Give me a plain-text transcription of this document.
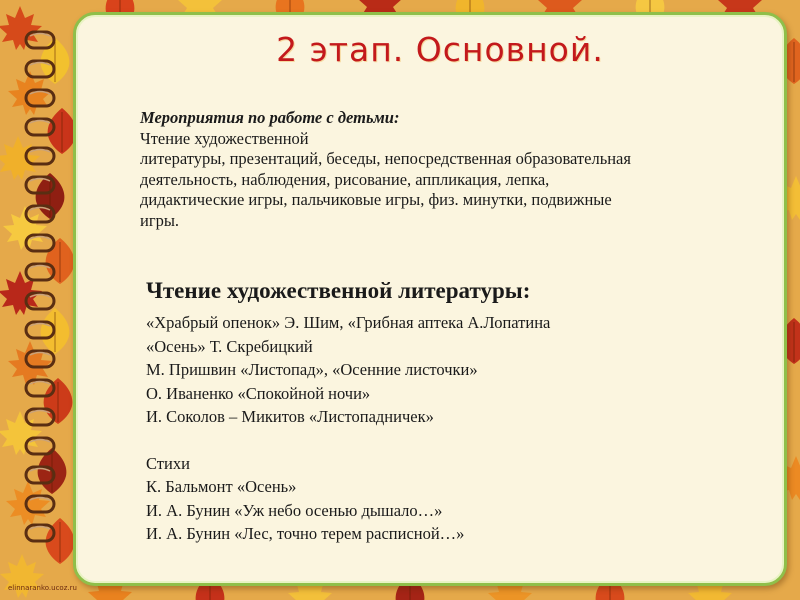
2 этап. Основной.
Мероприятия по работе с детьми:
Чтение художественной
литературы, презентаций, беседы, непосредственная образовательная
деятельность, наблюдения, рисование, аппликация, лепка,
дидактические игры, пальчиковые игры, физ. минутки, подвижные
игры.
Чтение художественной литературы:
«Храбрый опенок» Э. Шим, «Грибная аптека А.Лопатина
«Осень» Т. Скребицкий
М. Пришвин «Листопад», «Осенние листочки»
О. Иваненко «Спокойной ночи»
И. Соколов – Микитов «Листопадничек»
Стихи
К. Бальмонт «Осень»
И. А. Бунин «Уж небо осенью дышало…»
И. А. Бунин «Лес, точно терем расписной…»
elinnaranko.ucoz.ru
